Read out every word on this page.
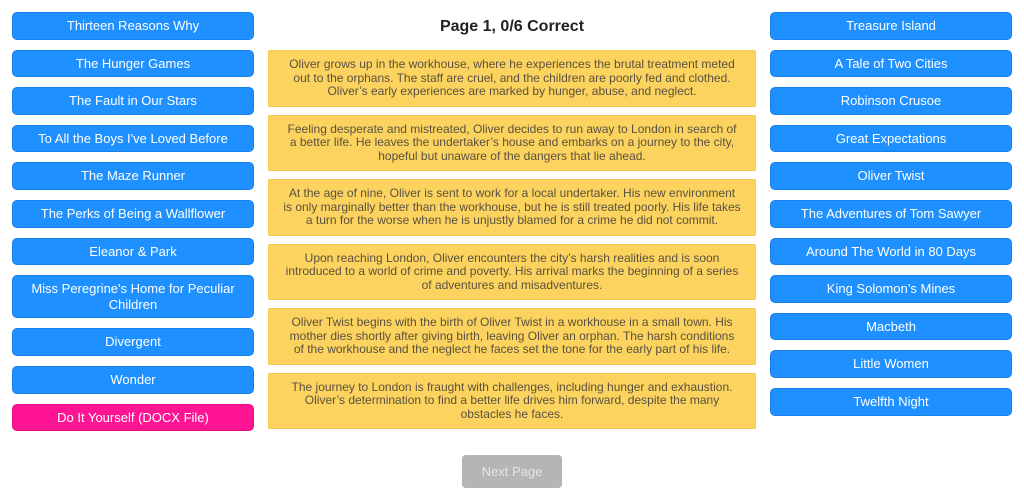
Thirteen Reasons Why
The Hunger Games
The Fault in Our Stars
To All the Boys I've Loved Before
The Maze Runner
The Perks of Being a Wallflower
Eleanor & Park
Miss Peregrine's Home for Peculiar Children
Divergent
Wonder
Do It Yourself (DOCX File)
Page 1, 0/6 Correct
Oliver grows up in the workhouse, where he experiences the brutal treatment meted out to the orphans. The staff are cruel, and the children are poorly fed and clothed. Oliver’s early experiences are marked by hunger, abuse, and neglect.
Feeling desperate and mistreated, Oliver decides to run away to London in search of a better life. He leaves the undertaker’s house and embarks on a journey to the city, hopeful but unaware of the dangers that lie ahead.
At the age of nine, Oliver is sent to work for a local undertaker. His new environment is only marginally better than the workhouse, but he is still treated poorly. His life takes a turn for the worse when he is unjustly blamed for a crime he did not commit.
Upon reaching London, Oliver encounters the city’s harsh realities and is soon introduced to a world of crime and poverty. His arrival marks the beginning of a series of adventures and misadventures.
Oliver Twist begins with the birth of Oliver Twist in a workhouse in a small town. His mother dies shortly after giving birth, leaving Oliver an orphan. The harsh conditions of the workhouse and the neglect he faces set the tone for the early part of his life.
The journey to London is fraught with challenges, including hunger and exhaustion. Oliver’s determination to find a better life drives him forward, despite the many obstacles he faces.
Next Page
Treasure Island
A Tale of Two Cities
Robinson Crusoe
Great Expectations
Oliver Twist
The Adventures of Tom Sawyer
Around The World in 80 Days
King Solomon’s Mines
Macbeth
Little Women
Twelfth Night
